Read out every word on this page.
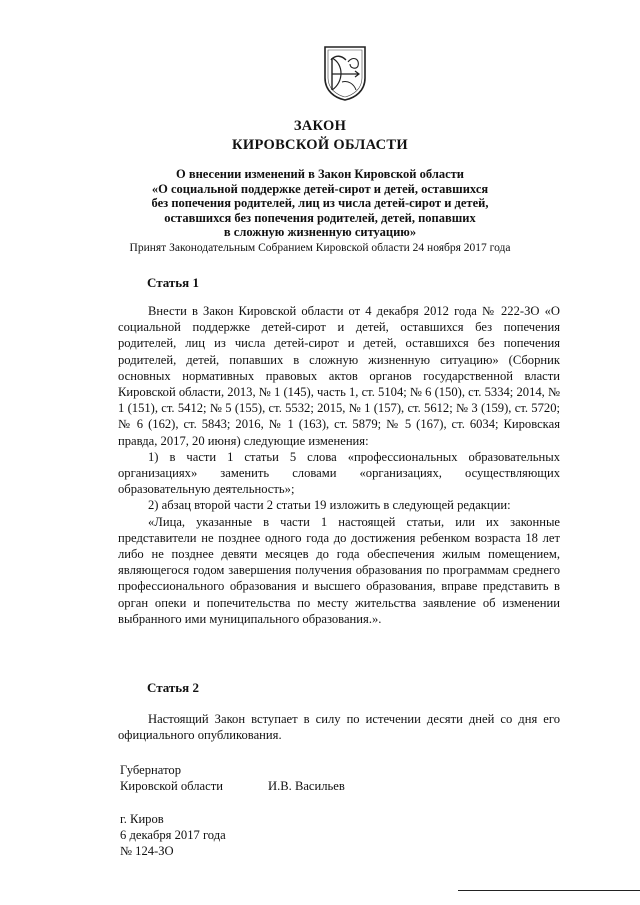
ЗАКОН
КИРОВСКОЙ ОБЛАСТИ
О внесении изменений в Закон Кировской области
«О социальной поддержке детей-сирот и детей, оставшихся
без попечения родителей, лиц из числа детей-сирот и детей,
оставшихся без попечения родителей, детей, попавших
в сложную жизненную ситуацию»
Принят Законодательным Собранием Кировской области 24 ноября 2017 года
Статья 1

Внести в Закон Кировской области от 4 декабря 2012 года № 222-ЗО «О социальной поддержке детей-сирот и детей, оставшихся без попечения родителей, лиц из числа детей-сирот и детей, оставшихся без попечения родителей, детей, попавших в сложную жизненную ситуацию» (Сборник основных нормативных правовых актов органов государственной власти Кировской области, 2013, № 1 (145), часть 1, ст. 5104; № 6 (150), ст. 5334; 2014, № 1 (151), ст. 5412; № 5 (155), ст. 5532; 2015, № 1 (157), ст. 5612; № 3 (159), ст. 5720; № 6 (162), ст. 5843; 2016, № 1 (163), ст. 5879; № 5 (167), ст. 6034; Кировская правда, 2017, 20 июня) следующие изменения:

1) в части 1 статьи 5 слова «профессиональных образовательных организациях» заменить словами «организациях, осуществляющих образовательную деятельность»;

2) абзац второй части 2 статьи 19 изложить в следующей редакции:

«Лица, указанные в части 1 настоящей статьи, или их законные представители не позднее одного года до достижения ребенком возраста 18 лет либо не позднее девяти месяцев до года обеспечения жилым помещением, являющегося годом завершения получения образования по программам среднего профессионального образования и высшего образования, вправе представить в орган опеки и попечительства по месту жительства заявление об изменении выбранного ими муниципального образования.».

Статья 2

Настоящий Закон вступает в силу по истечении десяти дней со дня его официального опубликования.

Губернатор
Кировской области	И.В. Васильев
г. Киров
6 декабря 2017 года
№ 124-ЗО
